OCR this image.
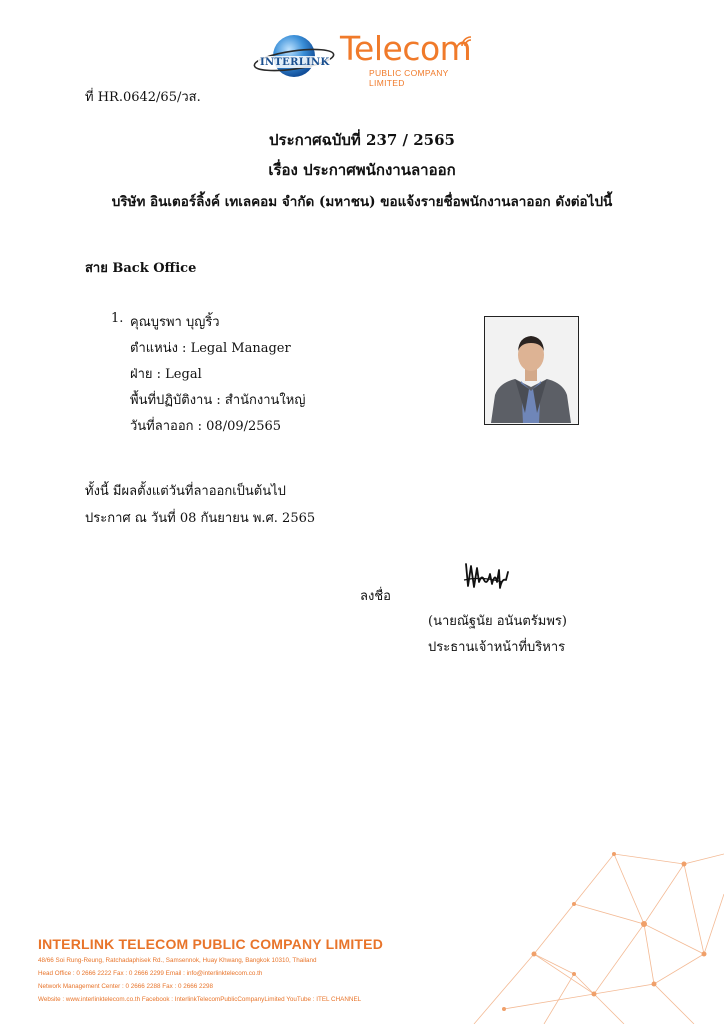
INTERLINK Telecom
PUBLIC COMPANY LIMITED
ที่ HR.0642/65/วส.
ประกาศฉบับที่ 237 / 2565
เรื่อง ประกาศพนักงานลาออก
บริษัท อินเตอร์ลิ้งค์ เทเลคอม จำกัด (มหาชน) ขอแจ้งรายชื่อพนักงานลาออก ดังต่อไปนี้
สาย Back Office
1. คุณบูรพา บุญริ้ว
ตำแหน่ง : Legal Manager
ฝ่าย : Legal
พื้นที่ปฏิบัติงาน : สำนักงานใหญ่
วันที่ลาออก : 08/09/2565
ทั้งนี้ มีผลตั้งแต่วันที่ลาออกเป็นต้นไป
ประกาศ ณ วันที่ 08 กันยายน พ.ศ. 2565
ลงชื่อ
(นายณัฐนัย อนันตรัมพร)
ประธานเจ้าหน้าที่บริหาร
INTERLINK TELECOM PUBLIC COMPANY LIMITED
48/66 Soi Rung-Reung, Ratchadaphisek Rd., Samsennok, Huay Khwang, Bangkok 10310, Thailand
Head Office : 0 2666 2222 Fax : 0 2666 2299 Email : info@interlinktelecom.co.th
Network Management Center : 0 2666 2288 Fax : 0 2666 2298
Website : www.interlinktelecom.co.th Facebook : InterlinkTelecomPublicCompanyLimited YouTube : ITEL CHANNEL
